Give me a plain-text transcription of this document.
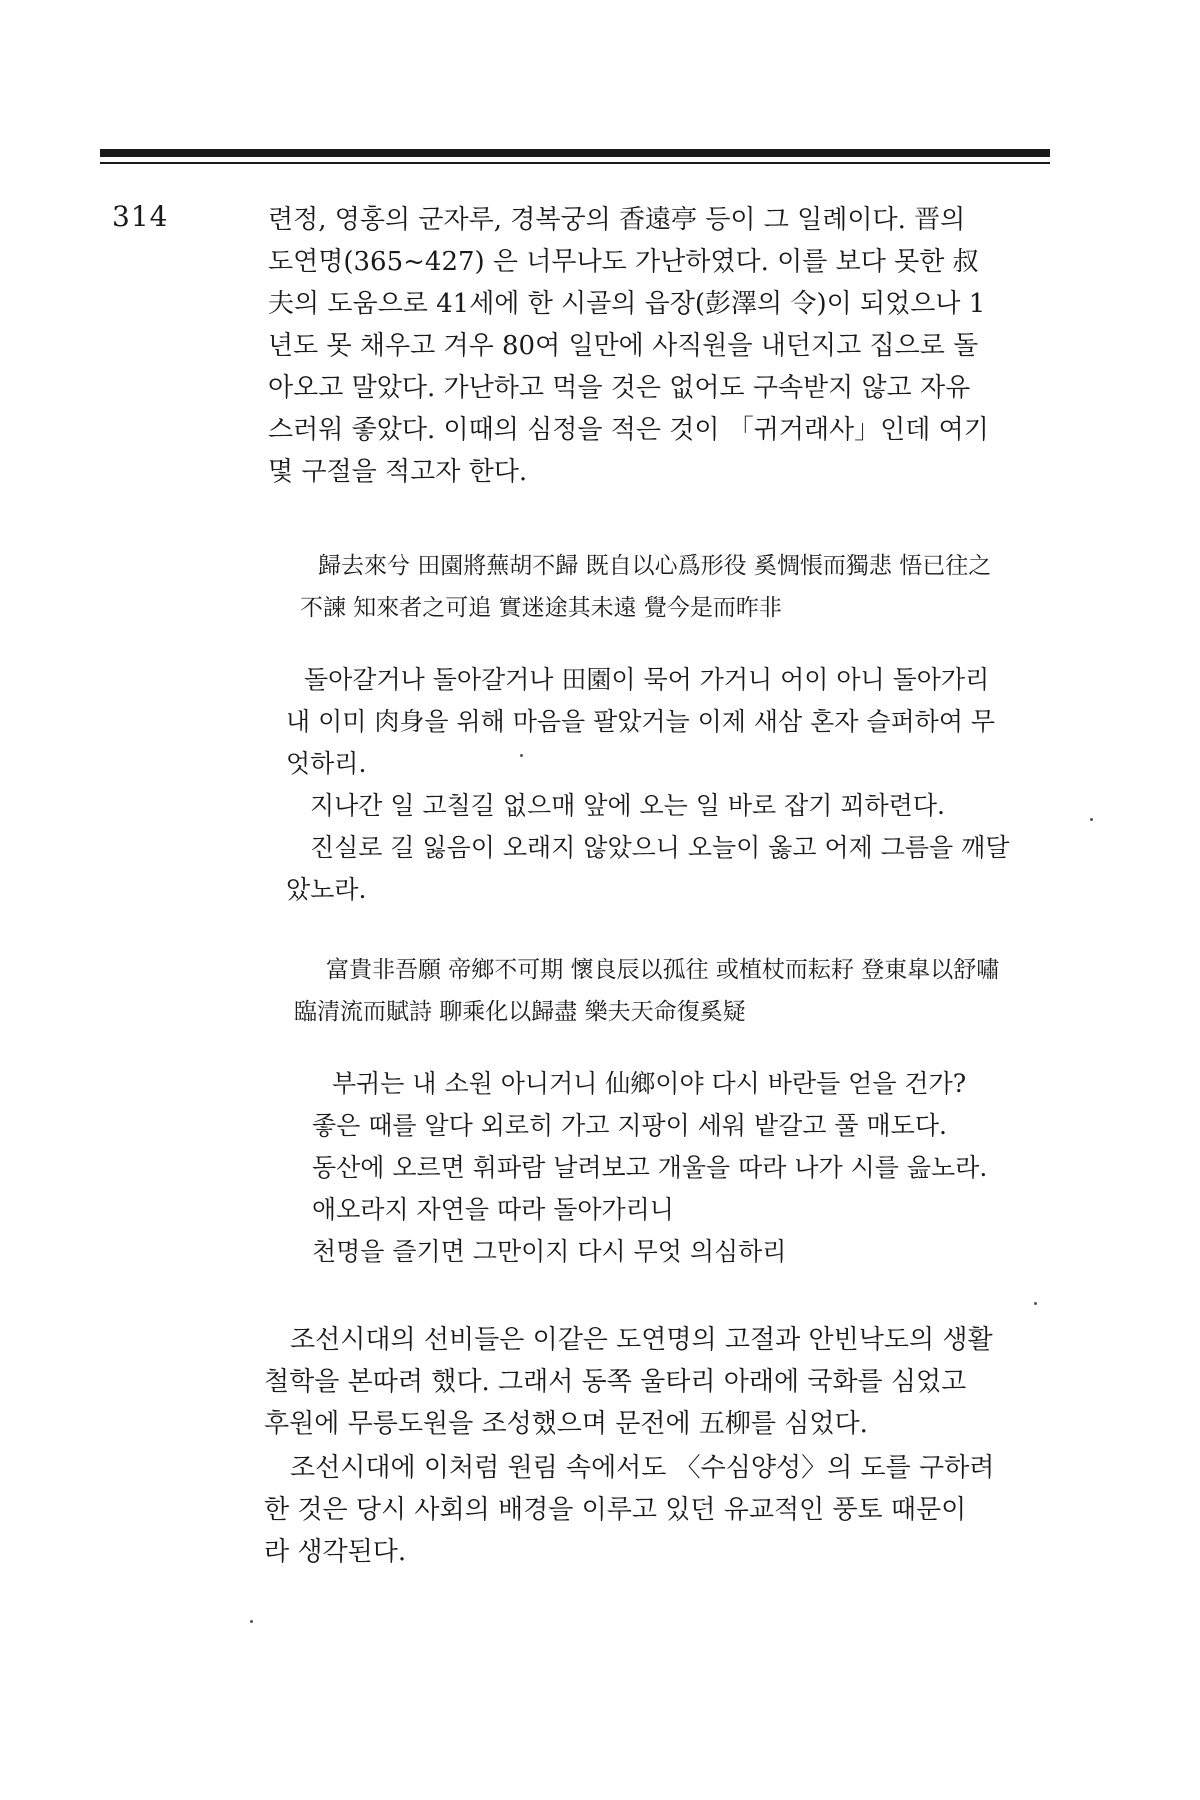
314	련정, 영홍의 군자루, 경복궁의 香遠亭 등이 그 일례이다. 晋의
도연명(365~427) 은 너무나도 가난하였다. 이를 보다 못한 叔
夫의 도움으로 41세에 한 시골의 읍장(彭澤의 令)이 되었으나 1
년도 못 채우고 겨우 80여 일만에 사직원을 내던지고 집으로 돌
아오고 말았다. 가난하고 먹을 것은 없어도 구속받지 않고 자유
스러워 좋았다. 이때의 심정을 적은 것이 「귀거래사」인데 여기
몇 구절을 적고자 한다.
歸去來兮 田園將蕪胡不歸 既自以心爲形役 奚惆悵而獨悲 悟已往之
不諫 知來者之可追 實迷途其未遠 覺今是而昨非
돌아갈거나 돌아갈거나 田園이 묵어 가거니 어이 아니 돌아가리
내 이미 肉身을 위해 마음을 팔았거늘 이제 새삼 혼자 슬퍼하여 무
엇하리.
지나간 일 고칠길 없으매 앞에 오는 일 바로 잡기 꾀하련다.
진실로 길 잃음이 오래지 않았으니 오늘이 옳고 어제 그름을 깨달
았노라.
富貴非吾願 帝鄉不可期 懷良辰以孤往 或植杖而耘耔 登東皐以舒嘯
臨清流而賦詩 聊乘化以歸盡 樂夫天命復奚疑
부귀는 내 소원 아니거니 仙鄉이야 다시 바란들 얻을 건가?
좋은 때를 알다 외로히 가고 지팡이 세워 밭갈고 풀 매도다.
동산에 오르면 휘파람 날려보고 개울을 따라 나가 시를 읊노라.
애오라지 자연을 따라 돌아가리니
천명을 즐기면 그만이지 다시 무엇 의심하리
조선시대의 선비들은 이같은 도연명의 고절과 안빈낙도의 생활
철학을 본따려 했다. 그래서 동쪽 울타리 아래에 국화를 심었고
후원에 무릉도원을 조성했으며 문전에 五柳를 심었다.
조선시대에 이처럼 원림 속에서도 〈수심양성〉의 도를 구하려
한 것은 당시 사회의 배경을 이루고 있던 유교적인 풍토 때문이
라 생각된다.
